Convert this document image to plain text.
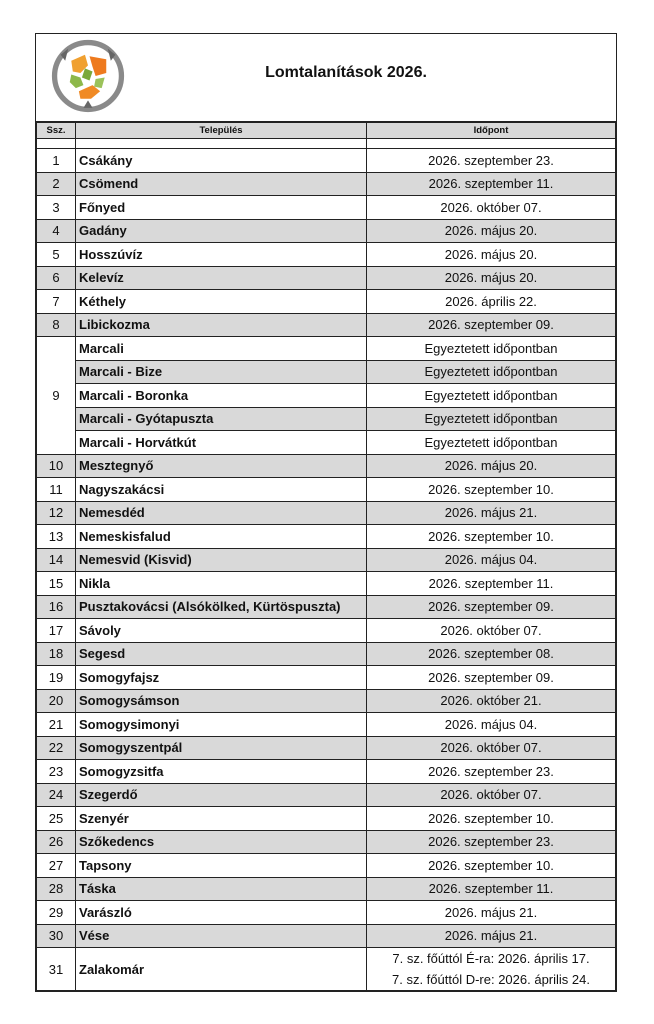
Lomtalanítások 2026.
Ssz.	Település	Időpont

1	Csákány	2026. szeptember 23.

2	Csömend	2026. szeptember 11.

3	Főnyed	2026. október 07.

4	Gadány	2026. május 20.

5	Hosszúvíz	2026. május 20.

6	Kelevíz	2026. május 20.

7	Kéthely	2026. április 22.

8	Libickozma	2026. szeptember 09.

9	Marcali	Egyeztetett időpontban

	Marcali - Bize	Egyeztetett időpontban

	Marcali - Boronka	Egyeztetett időpontban

	Marcali - Gyótapuszta	Egyeztetett időpontban

	Marcali - Horvátkút	Egyeztetett időpontban

10	Mesztegnyő	2026. május 20.

11	Nagyszakácsi	2026. szeptember 10.

12	Nemesdéd	2026. május 21.

13	Nemeskisfalud	2026. szeptember 10.

14	Nemesvid (Kisvid)	2026. május 04.

15	Nikla	2026. szeptember 11.

16	Pusztakovácsi (Alsókölked, Kürtöspuszta)	2026. szeptember 09.

17	Sávoly	2026. október 07.

18	Segesd	2026. szeptember 08.

19	Somogyfajsz	2026. szeptember 09.

20	Somogysámson	2026. október 21.

21	Somogysimonyi	2026. május 04.

22	Somogyszentpál	2026. október 07.

23	Somogyzsitfa	2026. szeptember 23.

24	Szegerdő	2026. október 07.

25	Szenyér	2026. szeptember 10.

26	Szőkedencs	2026. szeptember 23.

27	Tapsony	2026. szeptember 10.

28	Táska	2026. szeptember 11.

29	Varászló	2026. május 21.

30	Vése	2026. május 21.

31	Zalakomár	7. sz. főúttól É-ra: 2026. április 17.
7. sz. főúttól D-re: 2026. április 24.
